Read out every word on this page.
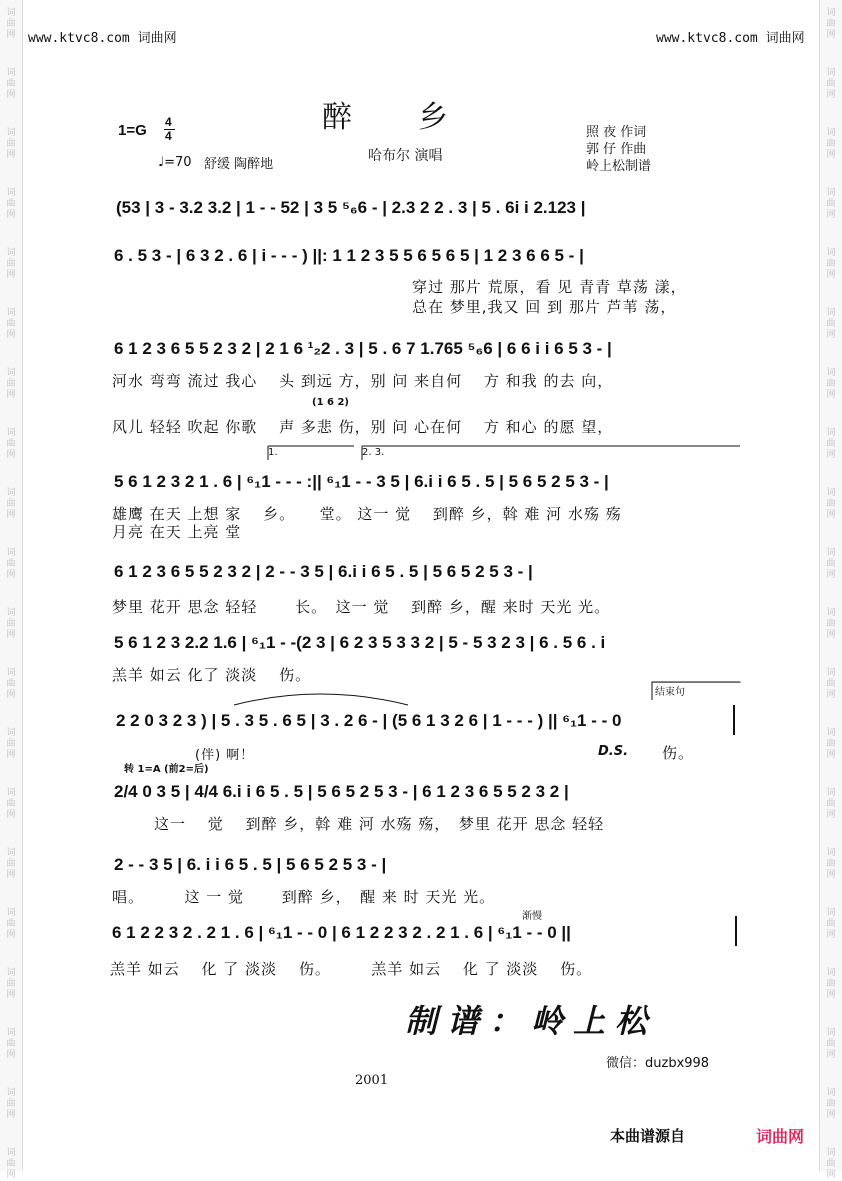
词
曲
网
词
曲
网
词
曲
网
词
曲
网
词
曲
网
词
曲
网
词
曲
网
词
曲
网
词
曲
网
词
曲
网
词
曲
网
词
曲
网
词
曲
网
词
曲
网
词
曲
网
词
曲
网
词
曲
网
词
曲
网
词
曲
网
词
曲
网
词
曲
网
词
曲
网
词
曲
网
词
曲
网
词
曲
网
词
曲
网
词
曲
网
词
曲
网
词
曲
网
词
曲
网
词
曲
网
词
曲
网
词
曲
网
词
曲
网
词
曲
网
词
曲
网
词
曲
网
词
曲
网
词
曲
网
词
曲
网
www.ktvc8.com 词曲网	www.ktvc8.com 词曲网
醉　　乡
1=G 4
4
♩=70 舒缓 陶醉地
哈布尔 演唱
照 夜 作词
郭 仔 作曲
岭上松制谱
(53 | 3 - 3.2 3.2 | 1 - - 52 | 3 5 ⁵₆6 - | 2.3 2 2 . 3 | 5 . 6i i 2.123 |
6 . 5 3 - | 6 3 2 . 6 | i - - - ) ||: 1 1 2 3 5 5 6 5 6 5 | 1 2 3 6 6 5 - |
穿过 那片 荒原，看 见 青青 草荡 漾，
总在 梦里,我又 回 到 那片 芦苇 荡，
6 1 2 3 6 5 5 2 3 2 | 2 1 6 ¹₂2 . 3 | 5 . 6 7 1.765 ⁵₆6 | 6 6 i i 6 5 3 - |
河水 弯弯 流过 我心 　头 到远 方，别 问 来自何 　方 和我 的去 向，
(1 6 2)
风儿 轻轻 吹起 你歌 　声 多悲 伤，别 问 心在何 　方 和心 的愿 望，
1.	2. 3.
5 6 1 2 3 2 1 . 6 | ⁶₁1 - - - :|| ⁶₁1 - - 3 5 | 6.i i 6 5 . 5 | 5 6 5 2 5 3 - |
雄鹰 在天 上想 家 　乡。　　堂。 这一 觉 　到醉 乡，斡 难 河 水殇 殇
月亮 在天 上亮 堂
6 1 2 3 6 5 5 2 3 2 | 2 - - 3 5 | 6.i i 6 5 . 5 | 5 6 5 2 5 3 - |
梦里 花开 思念 轻轻 　　长。　这一 觉 　到醉 乡，醒 来时 天光 光。
5 6 1 2 3 2.2 1.6 | ⁶₁1 - -(2 3 | 6 2 3 5 3 3 2 | 5 - 5 3 2 3 | 6 . 5 6 . i
羔羊 如云 化了 淡淡 　伤。
结束句
2 2 0 3 2 3 ) | 5 . 3 5 . 6 5 | 3 . 2 6 - | (5 6 1 3 2 6 | 1 - - - ) || ⁶₁1 - - 0
(伴) 啊！	D.S. 伤。
转 1=A (前2=后)
2/4 0 3 5 | 4/4 6.i i 6 5 . 5 | 5 6 5 2 5 3 - | 6 1 2 3 6 5 5 2 3 2 |
这一 　觉 　到醉 乡，斡 难 河 水殇 殇，　梦里 花开 思念 轻轻
2 - - 3 5 | 6. i i 6 5 . 5 | 5 6 5 2 5 3 - |
唱。　　　这 一 觉 　　到醉 乡，　醒 来 时 天光 光。
渐慢
6 1 2 2 3 2 . 2 1 . 6 | ⁶₁1 - - 0 | 6 1 2 2 3 2 . 2 1 . 6 | ⁶₁1 - - 0 ||
羔羊 如云 　化 了 淡淡 　伤。　　　羔羊 如云 　化 了 淡淡 　伤。
制谱：岭上松
微信：duzbx998
2001
本曲谱源自	词曲网
